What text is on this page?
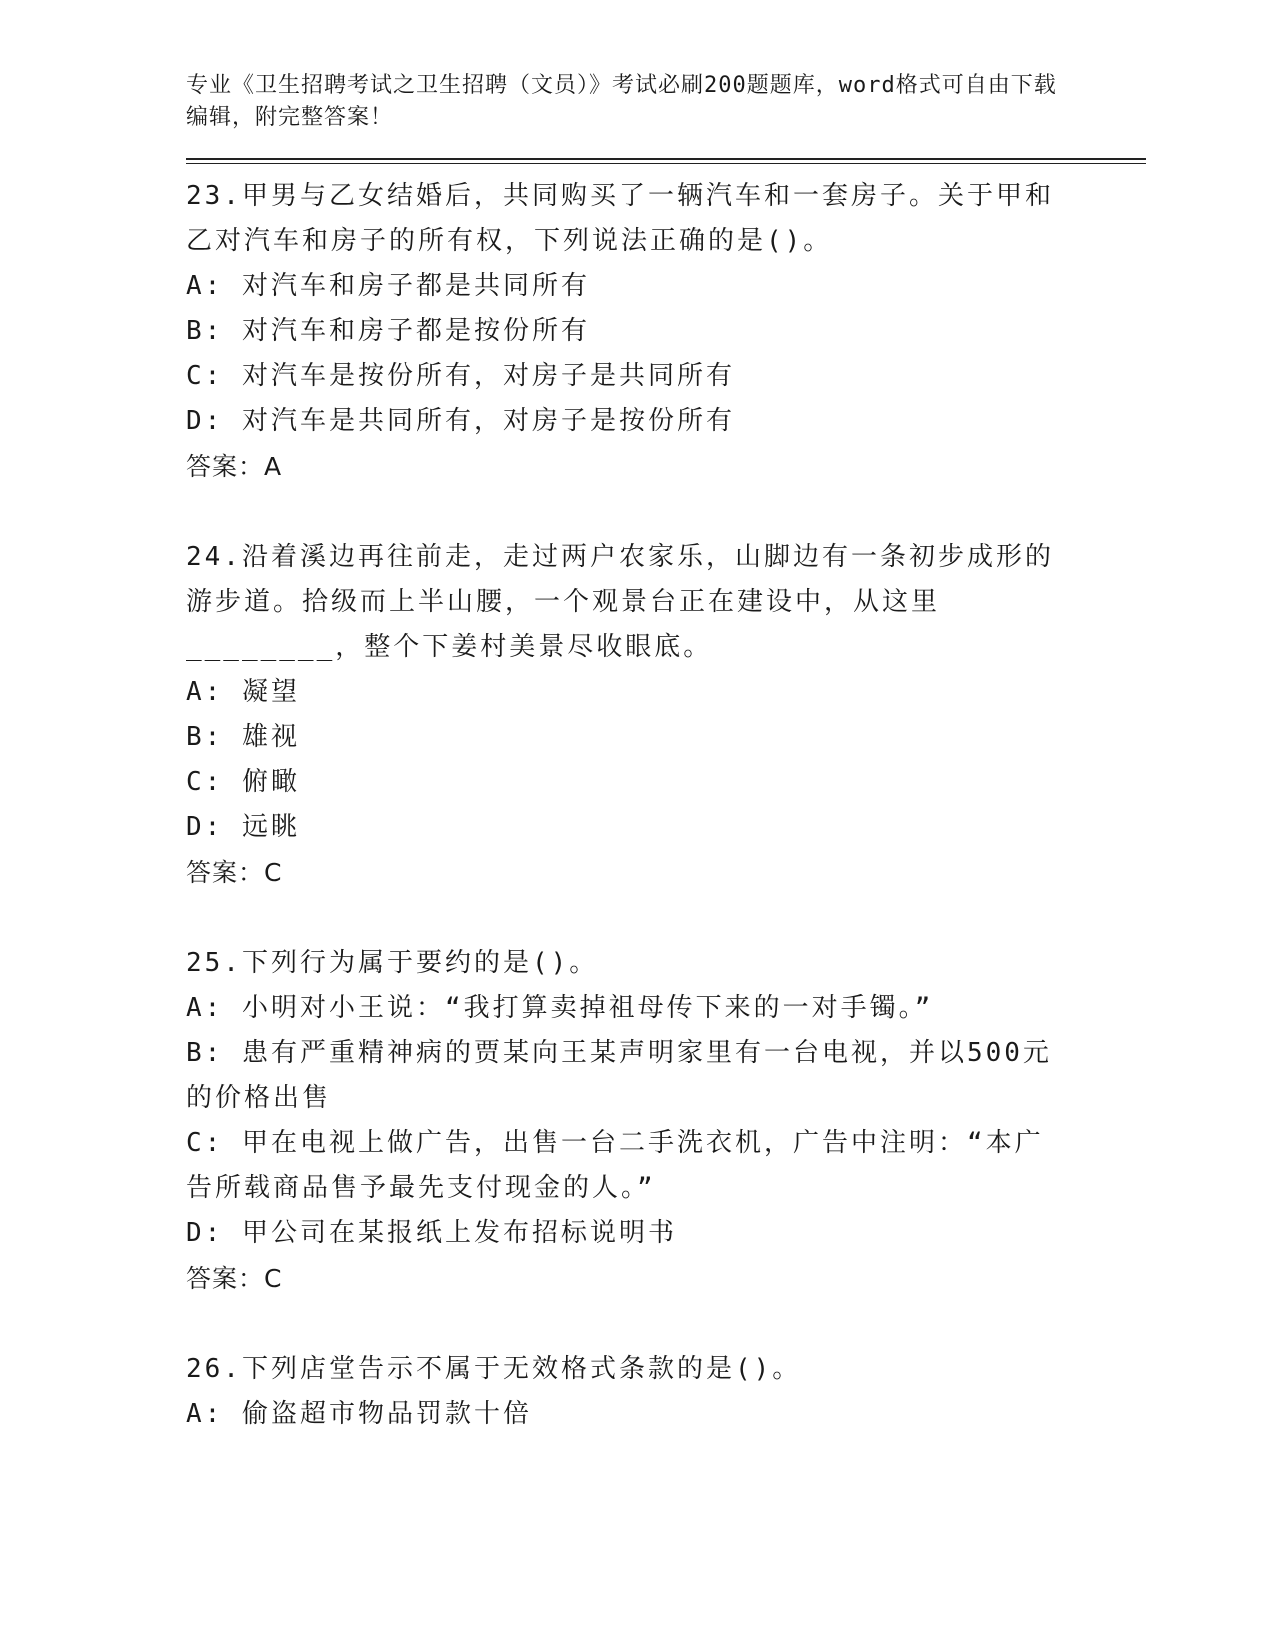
专业《卫生招聘考试之卫生招聘（文员）》考试必刷200题题库，word格式可自由下载编辑，附完整答案！

23.甲男与乙女结婚后，共同购买了一辆汽车和一套房子。关于甲和乙对汽车和房子的所有权，下列说法正确的是()。

A: 对汽车和房子都是共同所有

B: 对汽车和房子都是按份所有

C: 对汽车是按份所有，对房子是共同所有

D: 对汽车是共同所有，对房子是按份所有

答案：A

24.沿着溪边再往前走，走过两户农家乐，山脚边有一条初步成形的游步道。拾级而上半山腰，一个观景台正在建设中，从这里________，整个下姜村美景尽收眼底。

A: 凝望

B: 雄视

C: 俯瞰

D: 远眺

答案：C

25.下列行为属于要约的是()。

A: 小明对小王说：“我打算卖掉祖母传下来的一对手镯。”

B: 患有严重精神病的贾某向王某声明家里有一台电视，并以500元的价格出售

C: 甲在电视上做广告，出售一台二手洗衣机，广告中注明：“本广告所载商品售予最先支付现金的人。”

D: 甲公司在某报纸上发布招标说明书

答案：C

26.下列店堂告示不属于无效格式条款的是()。

A: 偷盗超市物品罚款十倍
